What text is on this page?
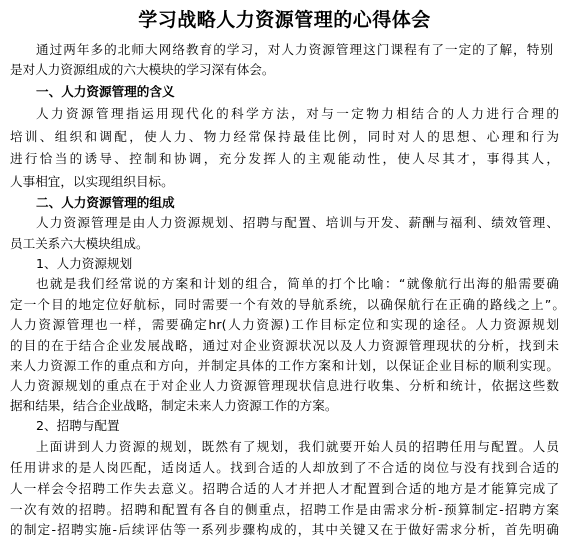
学习战略人力资源管理的心得体会
通过两年多的北师大网络教育的学习，对人力资源管理这门课程有了一定的了解，特别
是对人力资源组成的六大模块的学习深有体会。
一、人力资源管理的含义
人力资源管理指运用现代化的科学方法，对与一定物力相结合的人力进行合理的
培训、组织和调配，使人力、物力经常保持最佳比例，同时对人的思想、心理和行为
进行恰当的诱导、控制和协调，充分发挥人的主观能动性，使人尽其才，事得其人，
人事相宜，以实现组织目标。
二、人力资源管理的组成
人力资源管理是由人力资源规划、招聘与配置、培训与开发、薪酬与福利、绩效管理、
员工关系六大模块组成。
1、人力资源规划
也就是我们经常说的方案和计划的组合，简单的打个比喻：“就像航行出海的船需要确
定一个目的地定位好航标，同时需要一个有效的导航系统，以确保航行在正确的路线之上”。
人力资源管理也一样，需要确定hr(人力资源)工作目标定位和实现的途径。人力资源规划
的目的在于结合企业发展战略，通过对企业资源状况以及人力资源管理现状的分析，找到未
来人力资源工作的重点和方向，并制定具体的工作方案和计划，以保证企业目标的顺利实现。
人力资源规划的重点在于对企业人力资源管理现状信息进行收集、分析和统计，依据这些数
据和结果，结合企业战略，制定未来人力资源工作的方案。
2、招聘与配置
上面讲到人力资源的规划，既然有了规划，我们就要开始人员的招聘任用与配置。人员
任用讲求的是人岗匹配，适岗适人。找到合适的人却放到了不合适的岗位与没有找到合适的
人一样会令招聘工作失去意义。招聘合适的人才并把人才配置到合适的地方是才能算完成了
一次有效的招聘。招聘和配置有各自的侧重点，招聘工作是由需求分析-预算制定-招聘方案
的制定-招聘实施-后续评估等一系列步骤构成的，其中关键又在于做好需求分析，首先明确
